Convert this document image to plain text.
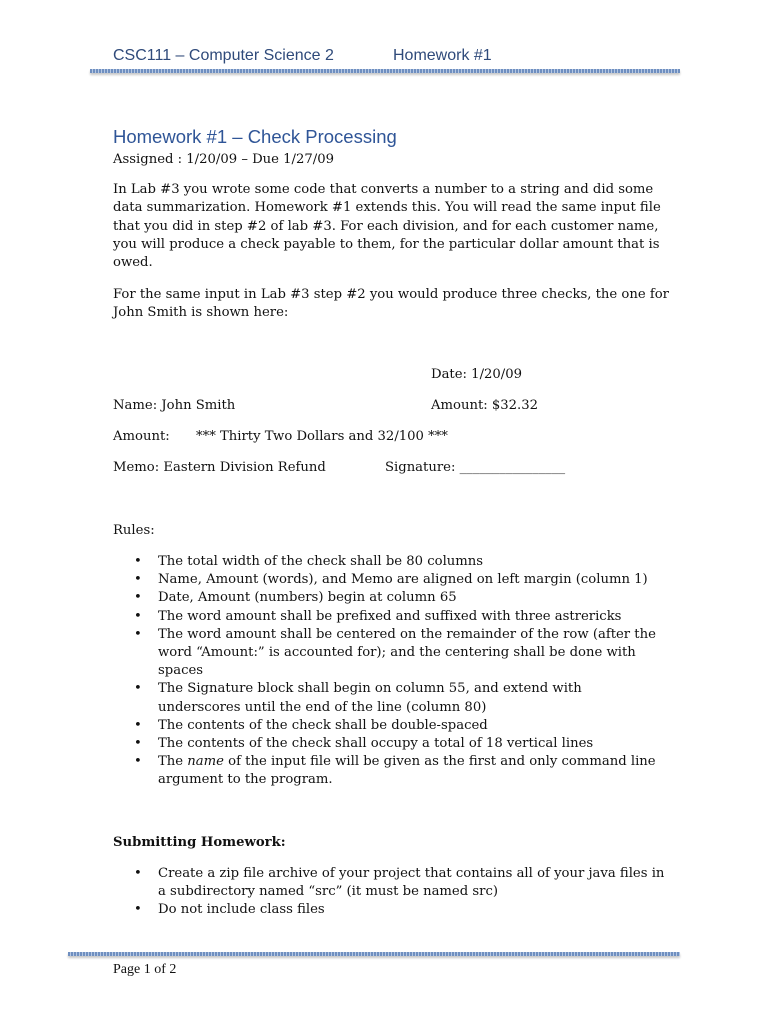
CSC111 – Computer Science 2	Homework #1
Homework #1 – Check Processing
Assigned : 1/20/09 – Due 1/27/09
In Lab #3 you wrote some code that converts a number to a string and did some data summarization. Homework #1 extends this. You will read the same input file that you did in step #2 of lab #3. For each division, and for each customer name, you will produce a check payable to them, for the particular dollar amount that is owed.
For the same input in Lab #3 step #2 you would produce three checks, the one for John Smith is shown here:
Date: 1/20/09
Name: John Smith	Amount: $32.32
Amount: *** Thirty Two Dollars and 32/100 ***
Memo: Eastern Division Refund	Signature: ________________
Rules:
• The total width of the check shall be 80 columns
• Name, Amount (words), and Memo are aligned on left margin (column 1)
• Date, Amount (numbers) begin at column 65
• The word amount shall be prefixed and suffixed with three astrericks
• The word amount shall be centered on the remainder of the row (after the word “Amount:” is accounted for); and the centering shall be done with spaces
• The Signature block shall begin on column 55, and extend with underscores until the end of the line (column 80)
• The contents of the check shall be double-spaced
• The contents of the check shall occupy a total of 18 vertical lines
• The name of the input file will be given as the first and only command line argument to the program.
Submitting Homework:
• Create a zip file archive of your project that contains all of your java files in a subdirectory named “src” (it must be named src)
• Do not include class files
Page 1 of 2
